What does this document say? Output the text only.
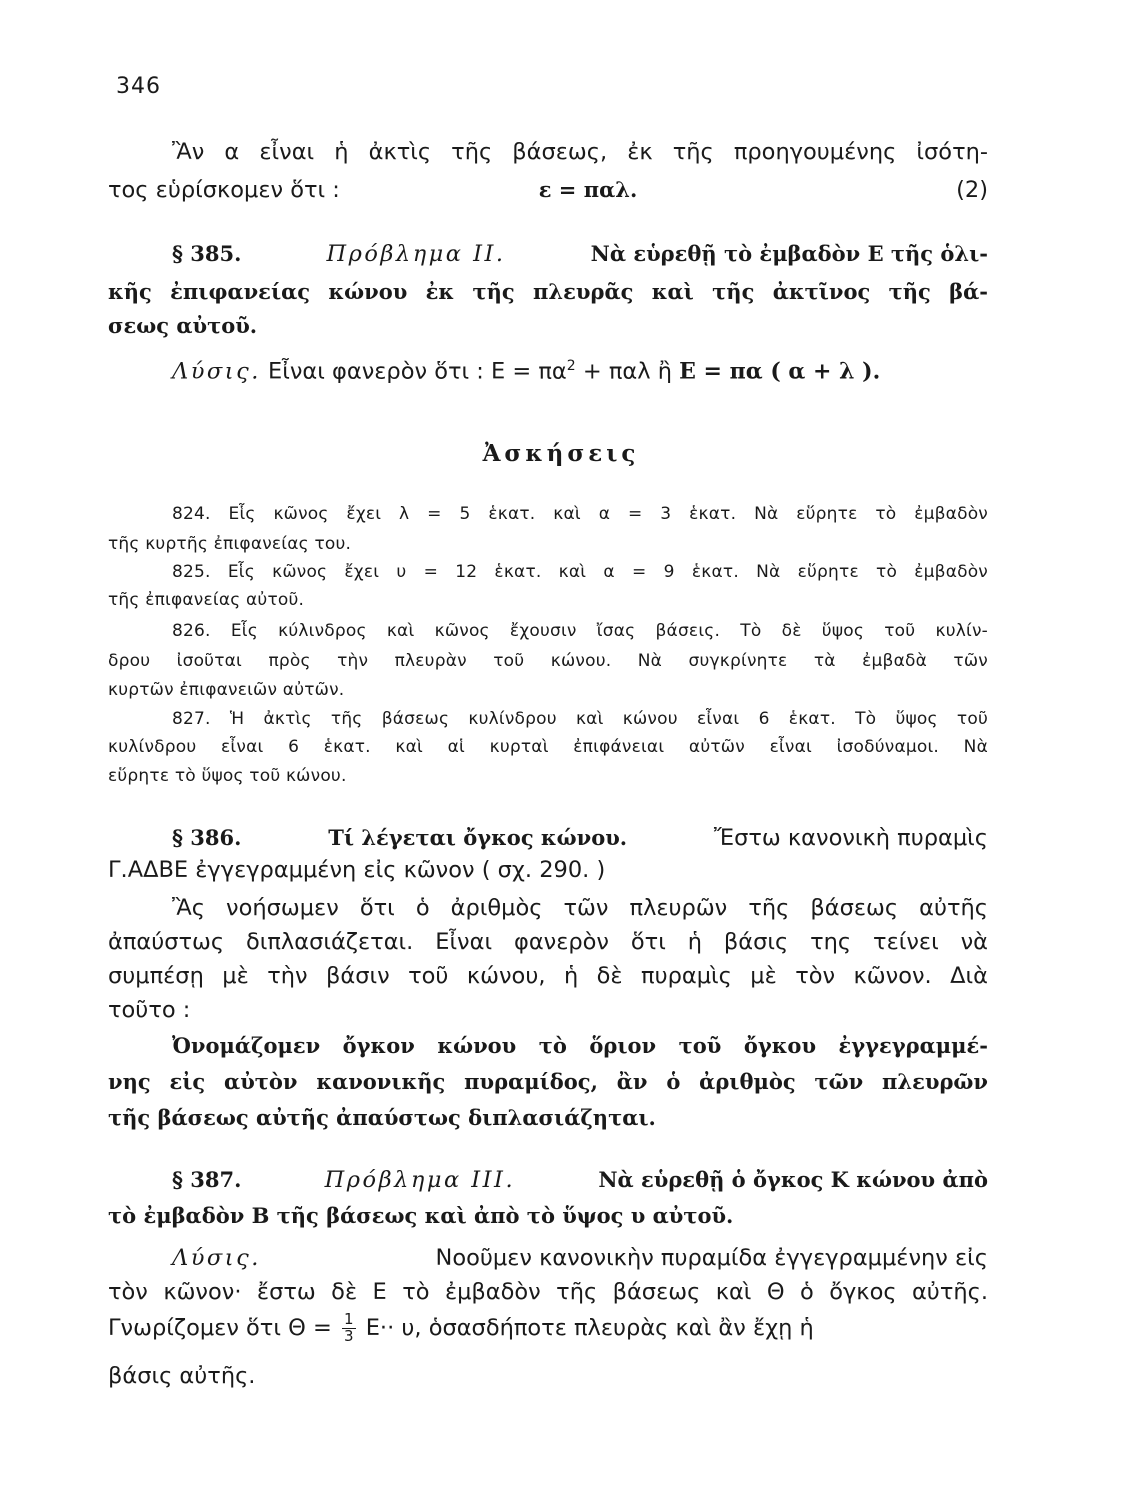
346

Ἂν α εἶναι ἡ ἀκτὶς τῆς βάσεως, ἐκ τῆς προηγουμένης ἰσότη-

τος εὑρίσκομεν ὅτι :	ε = παλ.	(2)
§ 385.	Πρόβλημα ΙΙ.	Νὰ εὑρεθῇ τὸ ἐμβαδὸν Ε τῆς ὁλι-

κῆς ἐπιφανείας κώνου ἐκ τῆς πλευρᾶς καὶ τῆς ἀκτῖνος τῆς βά-

σεως αὐτοῦ.

Λύσις. Εἶναι φανερὸν ὅτι : $E = \pi\alpha^2 + \pi\alpha\lambda$ ἢ Ε = πα ( α + λ ).
Ἀσκήσεις

824. Εἷς κῶνος ἔχει λ = 5 ἑκατ. καὶ α = 3 ἑκατ. Νὰ εὕρητε τὸ ἐμβαδὸν

τῆς κυρτῆς ἐπιφανείας του.

825. Εἷς κῶνος ἔχει υ = 12 ἑκατ. καὶ α = 9 ἑκατ. Νὰ εὕρητε τὸ ἐμβαδὸν

τῆς ἐπιφανείας αὐτοῦ.

826. Εἷς κύλινδρος καὶ κῶνος ἔχουσιν ἴσας βάσεις. Τὸ δὲ ὕψος τοῦ κυλίν-

δρου ἰσοῦται πρὸς τὴν πλευρὰν τοῦ κώνου. Νὰ συγκρίνητε τὰ ἐμβαδὰ τῶν

κυρτῶν ἐπιφανειῶν αὐτῶν.

827. Ἡ ἀκτὶς τῆς βάσεως κυλίνδρου καὶ κώνου εἶναι 6 ἑκατ. Τὸ ὕψος τοῦ

κυλίνδρου εἶναι 6 ἑκατ. καὶ αἱ κυρταὶ ἐπιφάνειαι αὐτῶν εἶναι ἰσοδύναμοι. Νὰ

εὕρητε τὸ ὕψος τοῦ κώνου.

§ 386.	Τί λέγεται ὄγκος κώνου.	Ἔστω κανονικὴ πυραμὶς

Γ.ΑΔΒΕ ἐγγεγραμμένη εἰς κῶνον ( σχ. 290. )

Ἂς νοήσωμεν ὅτι ὁ ἀριθμὸς τῶν πλευρῶν τῆς βάσεως αὐτῆς

ἀπαύστως διπλασιάζεται. Εἶναι φανερὸν ὅτι ἡ βάσις της τείνει νὰ

συμπέσῃ μὲ τὴν βάσιν τοῦ κώνου, ἡ δὲ πυραμὶς μὲ τὸν κῶνον. Διὰ

τοῦτο :

Ὀνομάζομεν ὄγκον κώνου τὸ ὅριον τοῦ ὄγκου ἐγγεγραμμέ-

νης εἰς αὐτὸν κανονικῆς πυραμίδος, ἂν ὁ ἀριθμὸς τῶν πλευρῶν

τῆς βάσεως αὐτῆς ἀπαύστως διπλασιάζηται.

§ 387.	Πρόβλημα ΙΙΙ.	Νὰ εὑρεθῇ ὁ ὄγκος Κ κώνου ἀπὸ

τὸ ἐμβαδὸν Β τῆς βάσεως καὶ ἀπὸ τὸ ὕψος υ αὐτοῦ.

Λύσις.	Νοοῦμεν κανονικὴν πυραμίδα ἐγγεγραμμένην εἰς

τὸν κῶνον· ἔστω δὲ Ε τὸ ἐμβαδὸν τῆς βάσεως καὶ Θ ὁ ὄγκος αὐτῆς.

Γνωρίζομεν ὅτι $\Theta = \frac{1}{3} E\cdot\cdot \upsilon$, ὁσασδήποτε πλευρὰς καὶ ἂν ἔχῃ ἡ

βάσις αὐτῆς.
